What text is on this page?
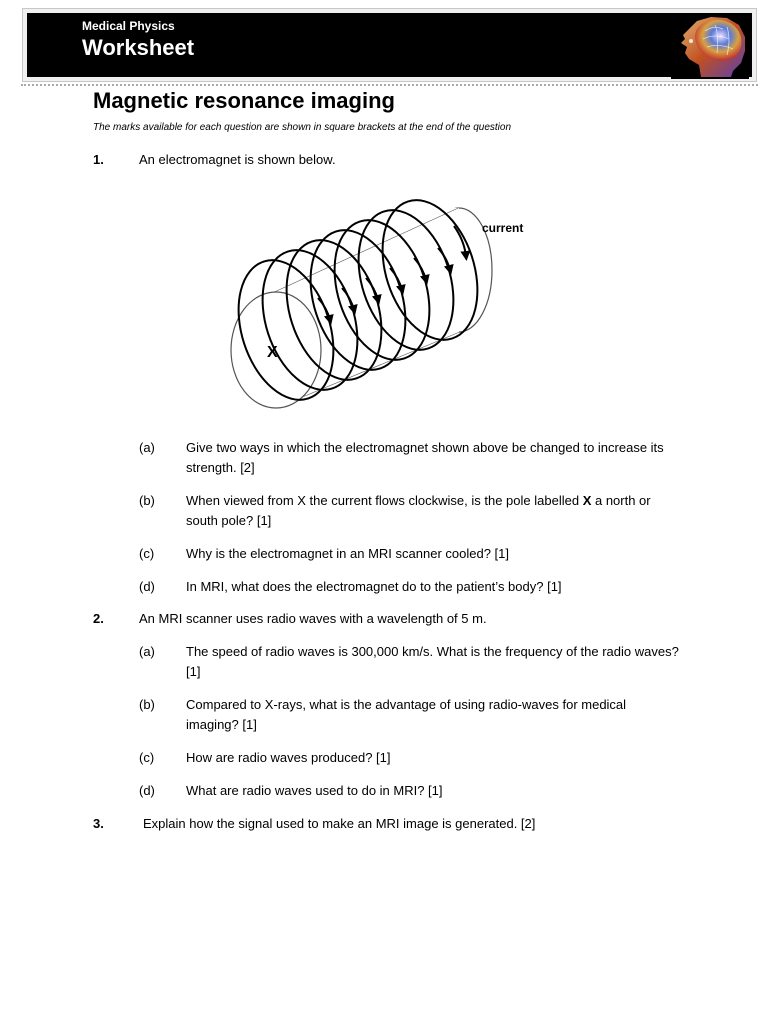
Medical Physics
Worksheet
Magnetic resonance imaging
The marks available for each question are shown in square brackets at the end of the question
1.	An electromagnet is shown below.
current
X
(a) Give two ways in which the electromagnet shown above be changed to increase its strength. [2]
(b) When viewed from X the current flows clockwise, is the pole labelled X a north or south pole? [1]
(c) Why is the electromagnet in an MRI scanner cooled? [1]
(d) In MRI, what does the electromagnet do to the patient’s body? [1]
2.	An MRI scanner uses radio waves with a wavelength of 5 m.
(a) The speed of radio waves is 300,000 km/s. What is the frequency of the radio waves? [1]
(b) Compared to X-rays, what is the advantage of using radio-waves for medical imaging? [1]
(c) How are radio waves produced? [1]
(d) What are radio waves used to do in MRI? [1]
3.	Explain how the signal used to make an MRI image is generated. [2]
